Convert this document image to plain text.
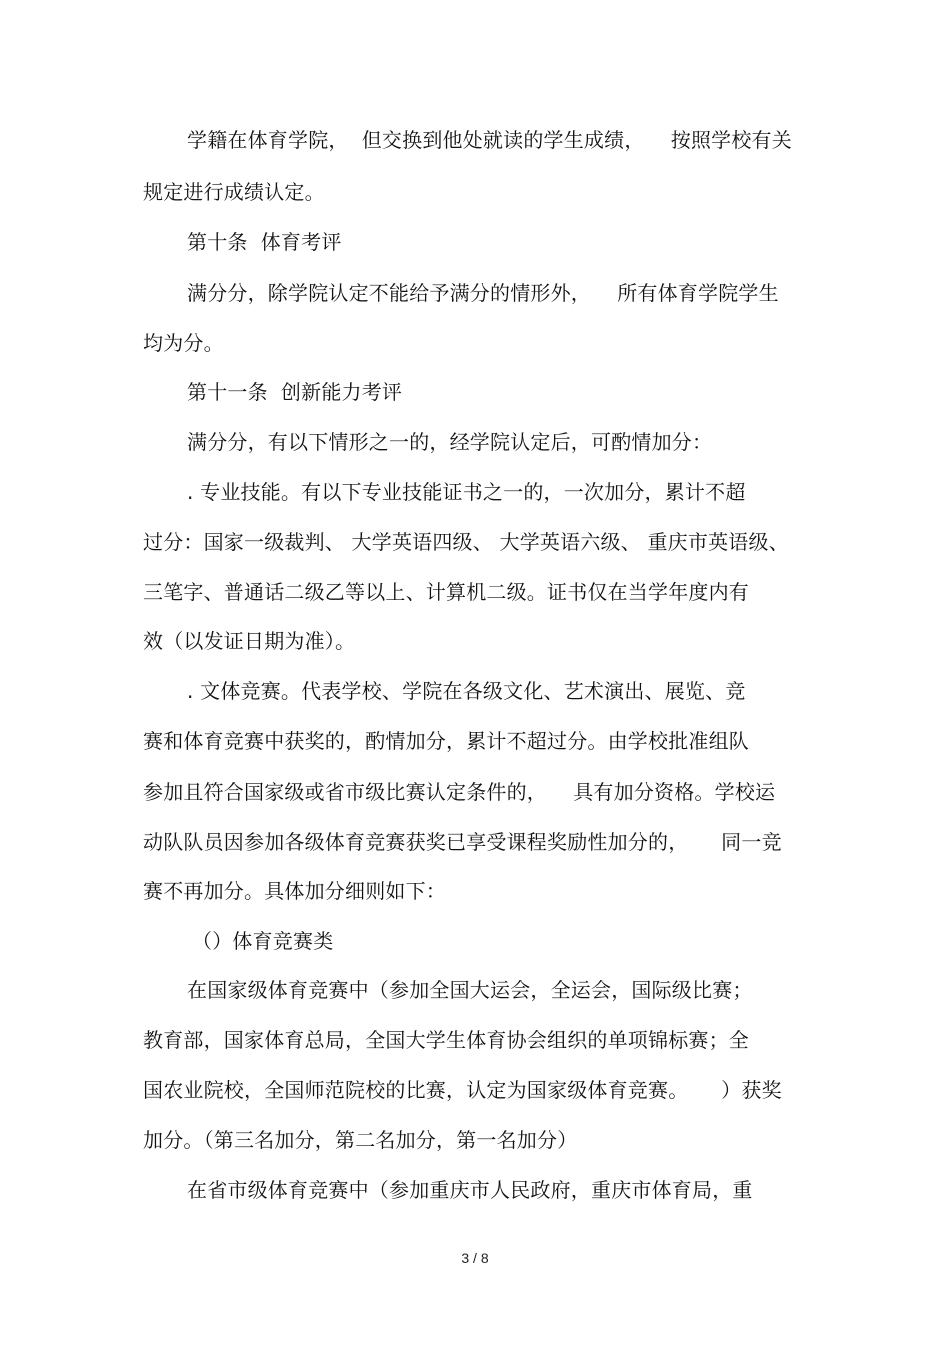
学籍在体育学院，  但交换到他处就读的学生成绩，    按照学校有关
规定进行成绩认定。
第十条  体育考评
满分分，除学院认定不能给予满分的情形外，    所有体育学院学生
均为分。
第十一条  创新能力考评
满分分，有以下情形之一的，经学院认定后，可酌情加分：
. 专业技能。有以下专业技能证书之一的，一次加分，累计不超
过分：国家一级裁判、 大学英语四级、 大学英语六级、 重庆市英语级、
三笔字、普通话二级乙等以上、计算机二级。证书仅在当学年度内有
效（以发证日期为准）。
. 文体竞赛。代表学校、学院在各级文化、艺术演出、展览、竞
赛和体育竞赛中获奖的，酌情加分，累计不超过分。由学校批准组队
参加且符合国家级或省市级比赛认定条件的，    具有加分资格。学校运
动队队员因参加各级体育竞赛获奖已享受课程奖励性加分的，     同一竞
赛不再加分。具体加分细则如下：
（）体育竞赛类
在国家级体育竞赛中（参加全国大运会，全运会，国际级比赛；
教育部，国家体育总局，全国大学生体育协会组织的单项锦标赛；全
国农业院校，全国师范院校的比赛，认定为国家级体育竞赛。     ）获奖
加分。（第三名加分，第二名加分，第一名加分）
在省市级体育竞赛中（参加重庆市人民政府，重庆市体育局，重
3 / 8
